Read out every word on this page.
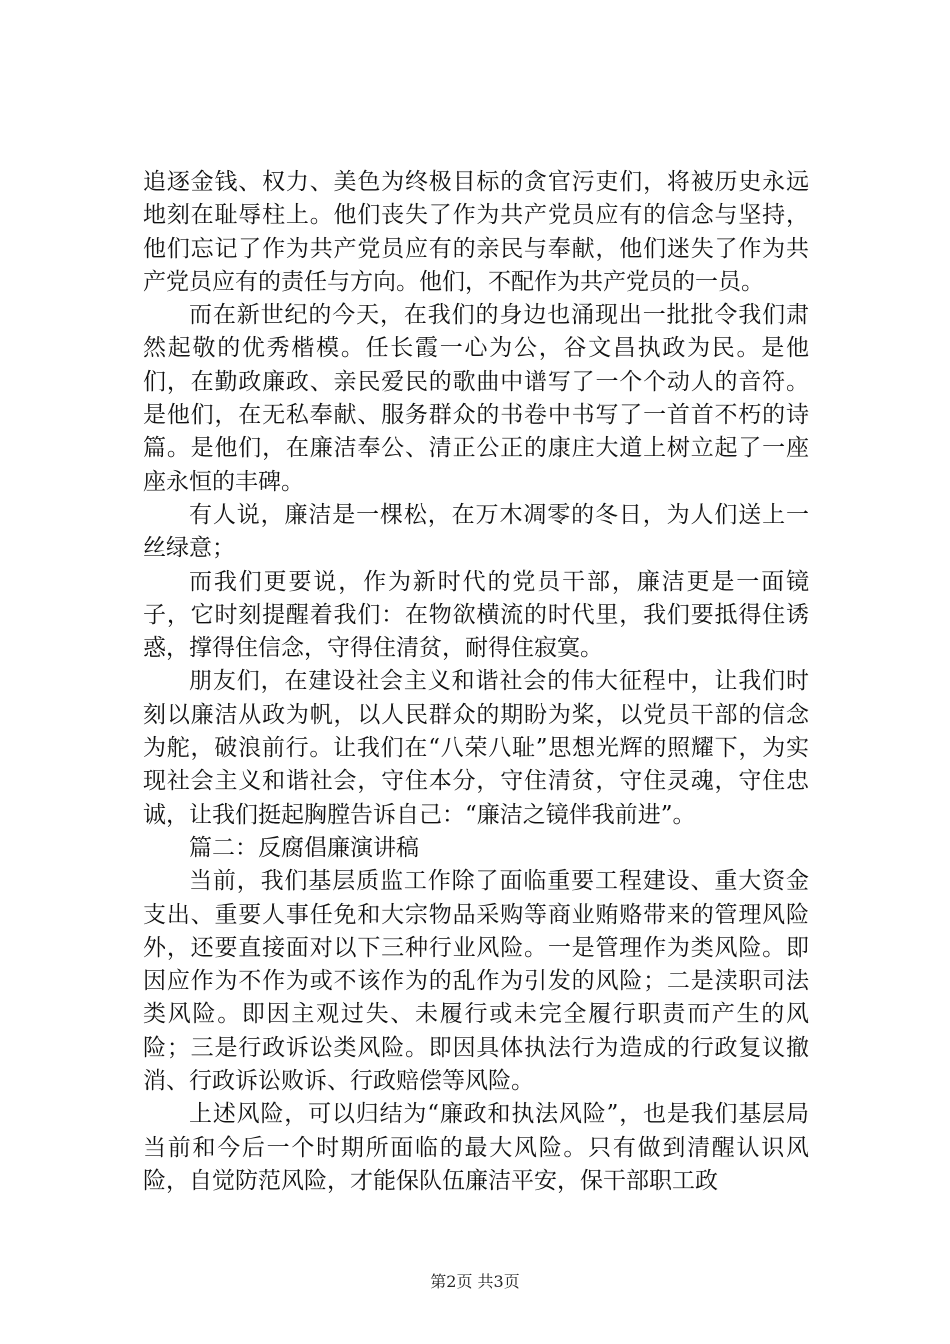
追逐金钱、权力、美色为终极目标的贪官污吏们，将被历史永远地刻在耻辱柱上。他们丧失了作为共产党员应有的信念与坚持，他们忘记了作为共产党员应有的亲民与奉献，他们迷失了作为共产党员应有的责任与方向。他们，不配作为共产党员的一员。

而在新世纪的今天，在我们的身边也涌现出一批批令我们肃然起敬的优秀楷模。任长霞一心为公，谷文昌执政为民。是他们，在勤政廉政、亲民爱民的歌曲中谱写了一个个动人的音符。是他们，在无私奉献、服务群众的书卷中书写了一首首不朽的诗篇。是他们，在廉洁奉公、清正公正的康庄大道上树立起了一座座永恒的丰碑。

有人说，廉洁是一棵松，在万木凋零的冬日，为人们送上一丝绿意；

而我们更要说，作为新时代的党员干部，廉洁更是一面镜子，它时刻提醒着我们：在物欲横流的时代里，我们要抵得住诱惑，撑得住信念，守得住清贫，耐得住寂寞。

朋友们，在建设社会主义和谐社会的伟大征程中，让我们时刻以廉洁从政为帆，以人民群众的期盼为桨，以党员干部的信念为舵，破浪前行。让我们在“八荣八耻”思想光辉的照耀下，为实现社会主义和谐社会，守住本分，守住清贫，守住灵魂，守住忠诚，让我们挺起胸膛告诉自己：“廉洁之镜伴我前进”。

篇二：反腐倡廉演讲稿

当前，我们基层质监工作除了面临重要工程建设、重大资金支出、重要人事任免和大宗物品采购等商业贿赂带来的管理风险外，还要直接面对以下三种行业风险。一是管理作为类风险。即因应作为不作为或不该作为的乱作为引发的风险；二是渎职司法类风险。即因主观过失、未履行或未完全履行职责而产生的风险；三是行政诉讼类风险。即因具体执法行为造成的行政复议撤消、行政诉讼败诉、行政赔偿等风险。

上述风险，可以归结为“廉政和执法风险”，也是我们基层局当前和今后一个时期所面临的最大风险。只有做到清醒认识风险，自觉防范风险，才能保队伍廉洁平安，保干部职工政

第2页 共3页
